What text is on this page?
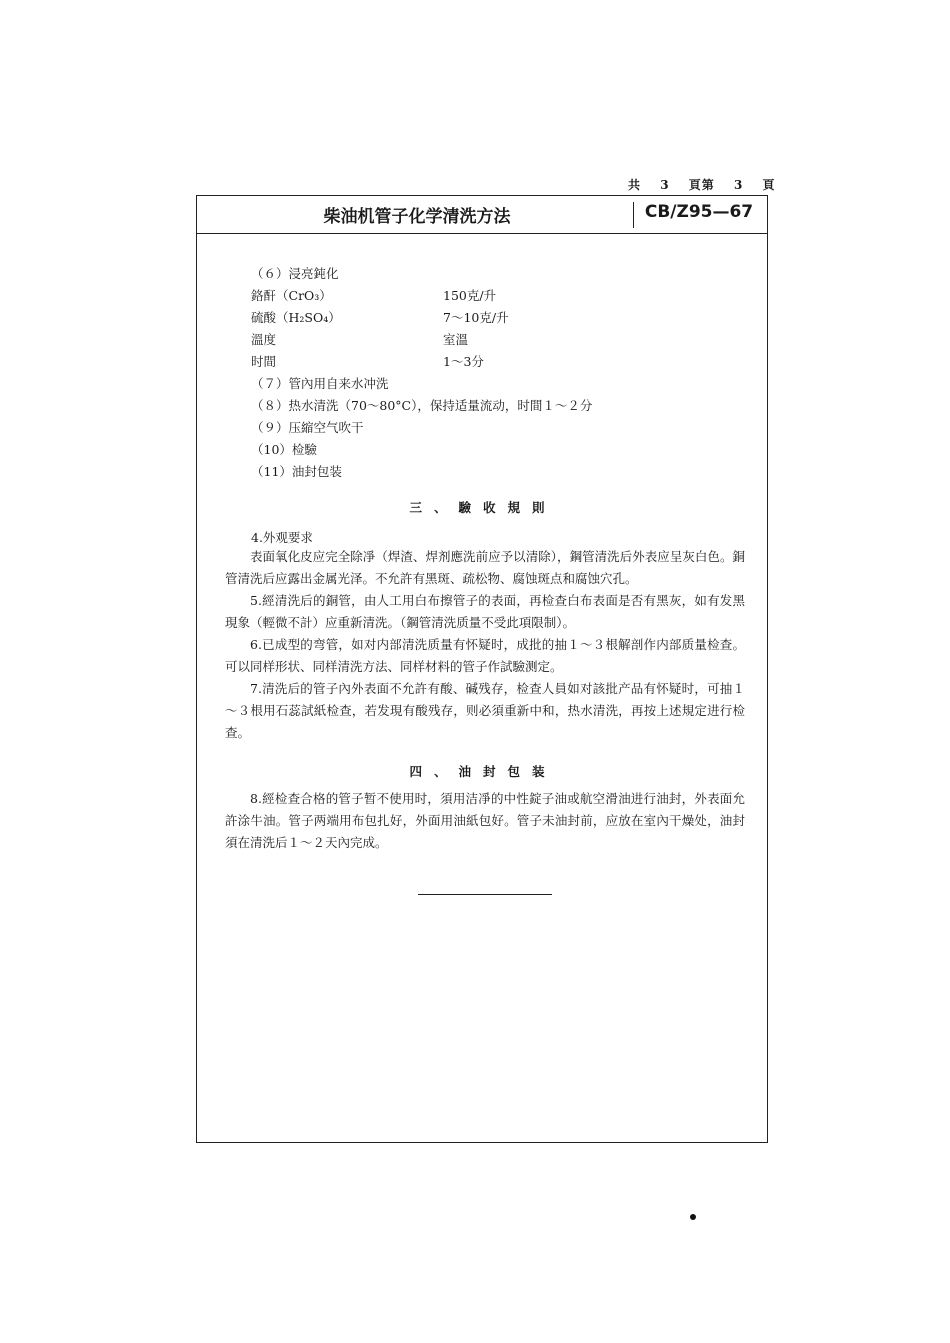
共 3 頁第 3 頁
柴油机管子化学清洗方法	CB/Z95—67
（６）浸亮鈍化
鉻酐（CrO₃）	150克/升
硫酸（H₂SO₄）	7～10克/升
溫度	室溫
时間	1～3分
（７）管內用自来水冲洗
（８）热水清洗（70～80°C），保持适量流动，时間１～２分
（９）压縮空气吹干
（10）检驗
（11）油封包装
三、驗收規則
4.外观要求
表面氧化皮应完全除凈（焊渣、焊剂應洗前应予以清除），鋼管清洗后外表应呈灰白色。銅管清洗后应露出金属光泽。不允許有黑斑、疏松物、腐蚀斑点和腐蚀穴孔。
5.經清洗后的銅管，由人工用白布擦管子的表面，再检查白布表面是否有黑灰，如有发黑現象（輕微不計）应重新清洗。（鋼管清洗质量不受此項限制）。
6.已成型的弯管，如对内部清洗质量有怀疑时，成批的抽１～３根解剖作内部质量检查。可以同样形状、同样清洗方法、同样材料的管子作試驗测定。
7.清洗后的管子內外表面不允許有酸、碱残存，检查人員如对該批产品有怀疑时，可抽１～３根用石蕊試紙检查，若发現有酸残存，则必須重新中和，热水清洗，再按上述規定进行检查。
四、油封包装
8.經检查合格的管子暂不使用时，須用洁凈的中性錠子油或航空滑油进行油封，外表面允許涂牛油。管子两端用布包扎好，外面用油紙包好。管子未油封前，应放在室內干燥处，油封須在清洗后１～２天內完成。
